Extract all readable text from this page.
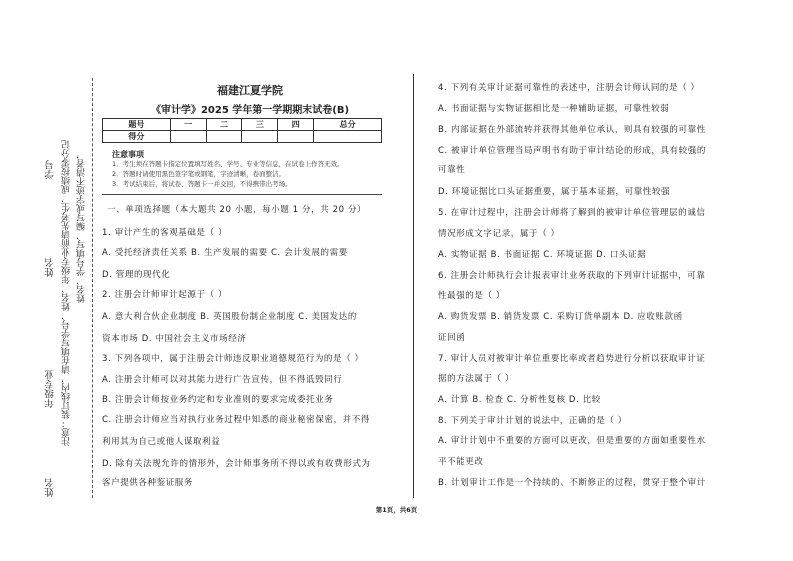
学号
姓名
年级专业
姓名
注意：装订线内，请在填写学号、姓名、年级专业前请先考生，成绩按零分记 姓名、学号填写、编写或字迹不清者，
福建江夏学院
《审计学》2025 学年第一学期期末试卷(B)
题号	一	二	三	四	总分
得分					
注意事项
1．考生须在答题卡指定位置填写姓名、学号、专业等信息，在试卷上作答无效。
2．答题时请使用黑色签字笔或钢笔，字迹清晰，卷面整洁。
3．考试结束后，将试卷、答题卡一并交回，不得携带出考场。
一、单项选择题（本大题共 20 小题，每小题 1 分，共 20 分）
1. 审计产生的客观基础是（ ）
A. 受托经济责任关系 B. 生产发展的需要 C. 会计发展的需要
D. 管理的现代化
2. 注册会计师审计起源于（ ）
A. 意大利合伙企业制度 B. 英国股份制企业制度 C. 美国发达的
资本市场 D. 中国社会主义市场经济
3. 下列各项中，属于注册会计师违反职业道德规范行为的是（ ）
A. 注册会计师可以对其能力进行广告宣传，但不得诋毁同行
B. 注册会计师按业务约定和专业准则的要求完成委托业务
C. 注册会计师应当对执行业务过程中知悉的商业秘密保密，并不得
利用其为自己或他人谋取利益
D. 除有关法规允许的情形外，会计师事务所不得以或有收费形式为
客户提供各种鉴证服务
4. 下列有关审计证据可靠性的表述中，注册会计师认同的是（ ）
A. 书面证据与实物证据相比是一种辅助证据，可靠性较弱
B. 内部证据在外部流转并获得其他单位承认，则具有较强的可靠性
C. 被审计单位管理当局声明书有助于审计结论的形成，具有较强的
可靠性
D. 环境证据比口头证据重要，属于基本证据，可靠性较强
5. 在审计过程中，注册会计师将了解到的被审计单位管理层的诚信
情况形成文字记录，属于（ ）
A. 实物证据 B. 书面证据 C. 环境证据 D. 口头证据
6. 注册会计师执行会计报表审计业务获取的下列审计证据中，可靠
性最强的是（ ）
A. 购货发票 B. 销货发票 C. 采购订货单副本 D. 应收账款函
证回函
7. 审计人员对被审计单位重要比率或者趋势进行分析以获取审计证
据的方法属于（ ）
A. 计算 B. 检查 C. 分析性复核 D. 比较
8. 下列关于审计计划的说法中，正确的是（ ）
A. 审计计划中不重要的方面可以更改，但是重要的方面如重要性水
平不能更改
B. 计划审计工作是一个持续的、不断修正的过程，贯穿于整个审计
第1页，共6页
